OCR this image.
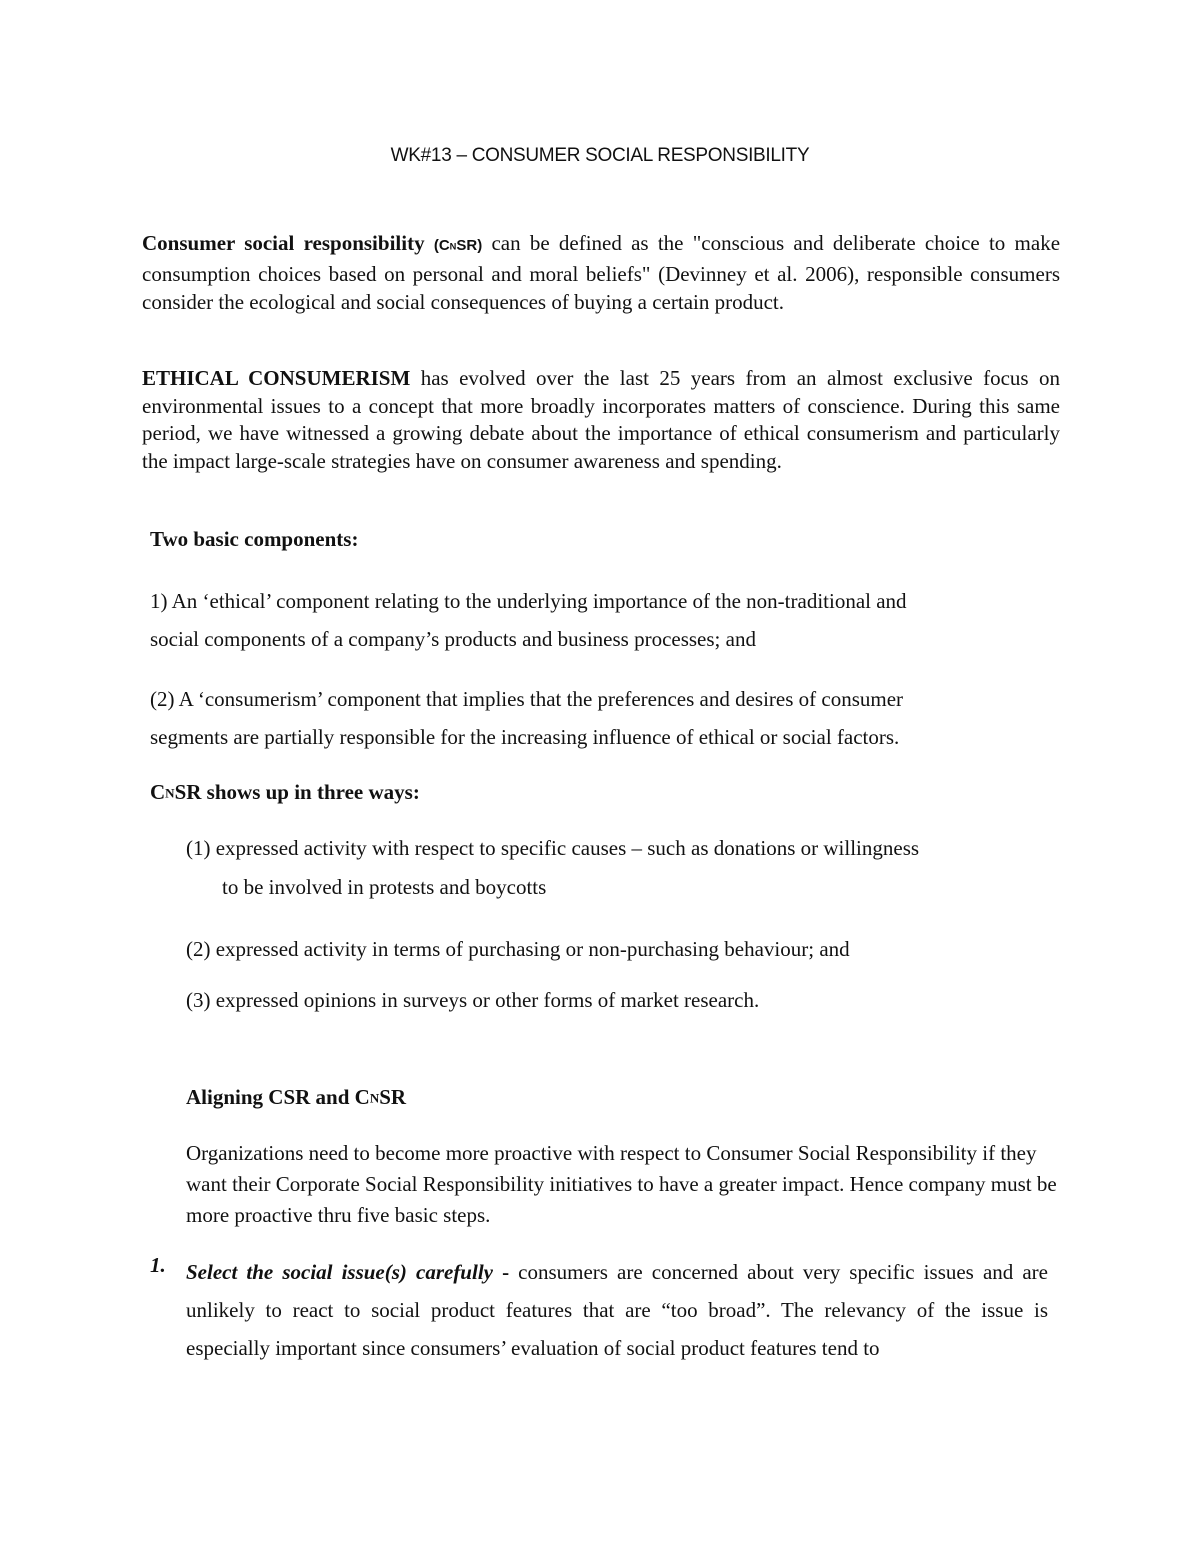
WK#13 – CONSUMER SOCIAL RESPONSIBILITY

Consumer social responsibility $(C_NSR)$ can be defined as the "conscious and deliberate choice to make consumption choices based on personal and moral beliefs" (Devinney et al. 2006), responsible consumers consider the ecological and social consequences of buying a certain product.

ETHICAL CONSUMERISM has evolved over the last 25 years from an almost exclusive focus on environmental issues to a concept that more broadly incorporates matters of conscience. During this same period, we have witnessed a growing debate about the importance of ethical consumerism and particularly the impact large-scale strategies have on consumer awareness and spending.

Two basic components:
1) An ‘ethical’ component relating to the underlying importance of the non-traditional and
social components of a company’s products and business processes; and
(2) A ‘consumerism’ component that implies that the preferences and desires of consumer
segments are partially responsible for the increasing influence of ethical or social factors.
CNSR shows up in three ways:
(1) expressed activity with respect to specific causes – such as donations or willingness
to be involved in protests and boycotts
(2) expressed activity in terms of purchasing or non-purchasing behaviour; and
(3) expressed opinions in surveys or other forms of market research.
Aligning CSR and CNSR

Organizations need to become more proactive with respect to Consumer Social Responsibility if they want their Corporate Social Responsibility initiatives to have a greater impact. Hence company must be more proactive thru five basic steps.

1. Select the social issue(s) carefully - consumers are concerned about very specific issues and are unlikely to react to social product features that are “too broad”. The relevancy of the issue is especially important since consumers’ evaluation of social product features tend to
